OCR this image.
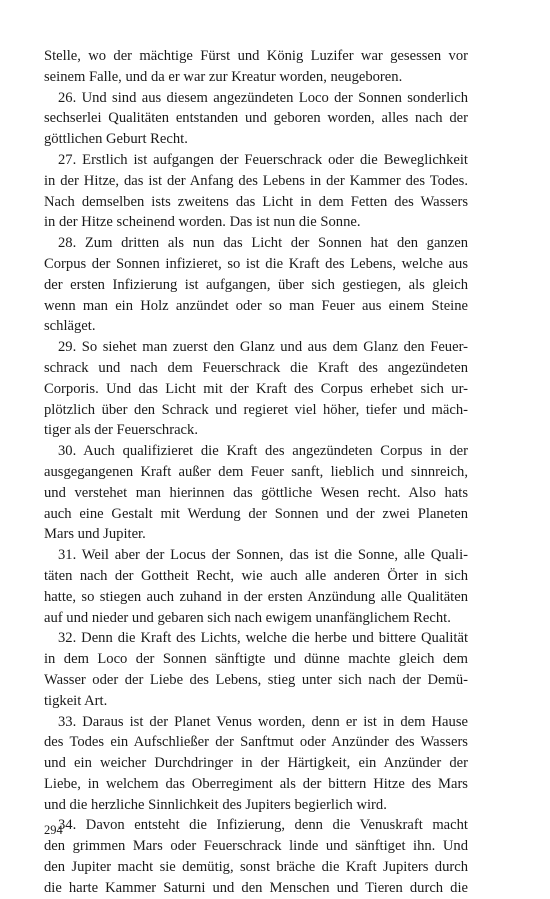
Stelle, wo der mächtige Fürst und König Luzifer war gesessen vor
seinem Falle, und da er war zur Kreatur worden, neugeboren.
26. Und sind aus diesem angezündeten Loco der Sonnen sonderlich
sechserlei Qualitäten entstanden und geboren worden, alles nach der
göttlichen Geburt Recht.
27. Erstlich ist aufgangen der Feuerschrack oder die Beweglichkeit
in der Hitze, das ist der Anfang des Lebens in der Kammer des Todes.
Nach demselben ists zweitens das Licht in dem Fetten des Wassers
in der Hitze scheinend worden. Das ist nun die Sonne.
28. Zum dritten als nun das Licht der Sonnen hat den ganzen
Corpus der Sonnen infizieret, so ist die Kraft des Lebens, welche aus
der ersten Infizierung ist aufgangen, über sich gestiegen, als gleich
wenn man ein Holz anzündet oder so man Feuer aus einem Steine
schläget.
29. So siehet man zuerst den Glanz und aus dem Glanz den Feuer-
schrack und nach dem Feuerschrack die Kraft des angezündeten
Corporis. Und das Licht mit der Kraft des Corpus erhebet sich ur-
plötzlich über den Schrack und regieret viel höher, tiefer und mäch-
tiger als der Feuerschrack.
30. Auch qualifizieret die Kraft des angezündeten Corpus in der
ausgegangenen Kraft außer dem Feuer sanft, lieblich und sinnreich,
und verstehet man hierinnen das göttliche Wesen recht. Also hats
auch eine Gestalt mit Werdung der Sonnen und der zwei Planeten
Mars und Jupiter.
31. Weil aber der Locus der Sonnen, das ist die Sonne, alle Quali-
täten nach der Gottheit Recht, wie auch alle anderen Örter in sich
hatte, so stiegen auch zuhand in der ersten Anzündung alle Qualitäten
auf und nieder und gebaren sich nach ewigem unanfänglichem Recht.
32. Denn die Kraft des Lichts, welche die herbe und bittere Qualität
in dem Loco der Sonnen sänftigte und dünne machte gleich dem
Wasser oder der Liebe des Lebens, stieg unter sich nach der Demü-
tigkeit Art.
33. Daraus ist der Planet Venus worden, denn er ist in dem Hause
des Todes ein Aufschließer der Sanftmut oder Anzünder des Wassers
und ein weicher Durchdringer in der Härtigkeit, ein Anzünder der
Liebe, in welchem das Oberregiment als der bittern Hitze des Mars
und die herzliche Sinnlichkeit des Jupiters begierlich wird.
34. Davon entsteht die Infizierung, denn die Venuskraft macht
den grimmen Mars oder Feuerschrack linde und sänftiget ihn. Und
den Jupiter macht sie demütig, sonst bräche die Kraft Jupiters durch
die harte Kammer Saturni und den Menschen und Tieren durch die
294
